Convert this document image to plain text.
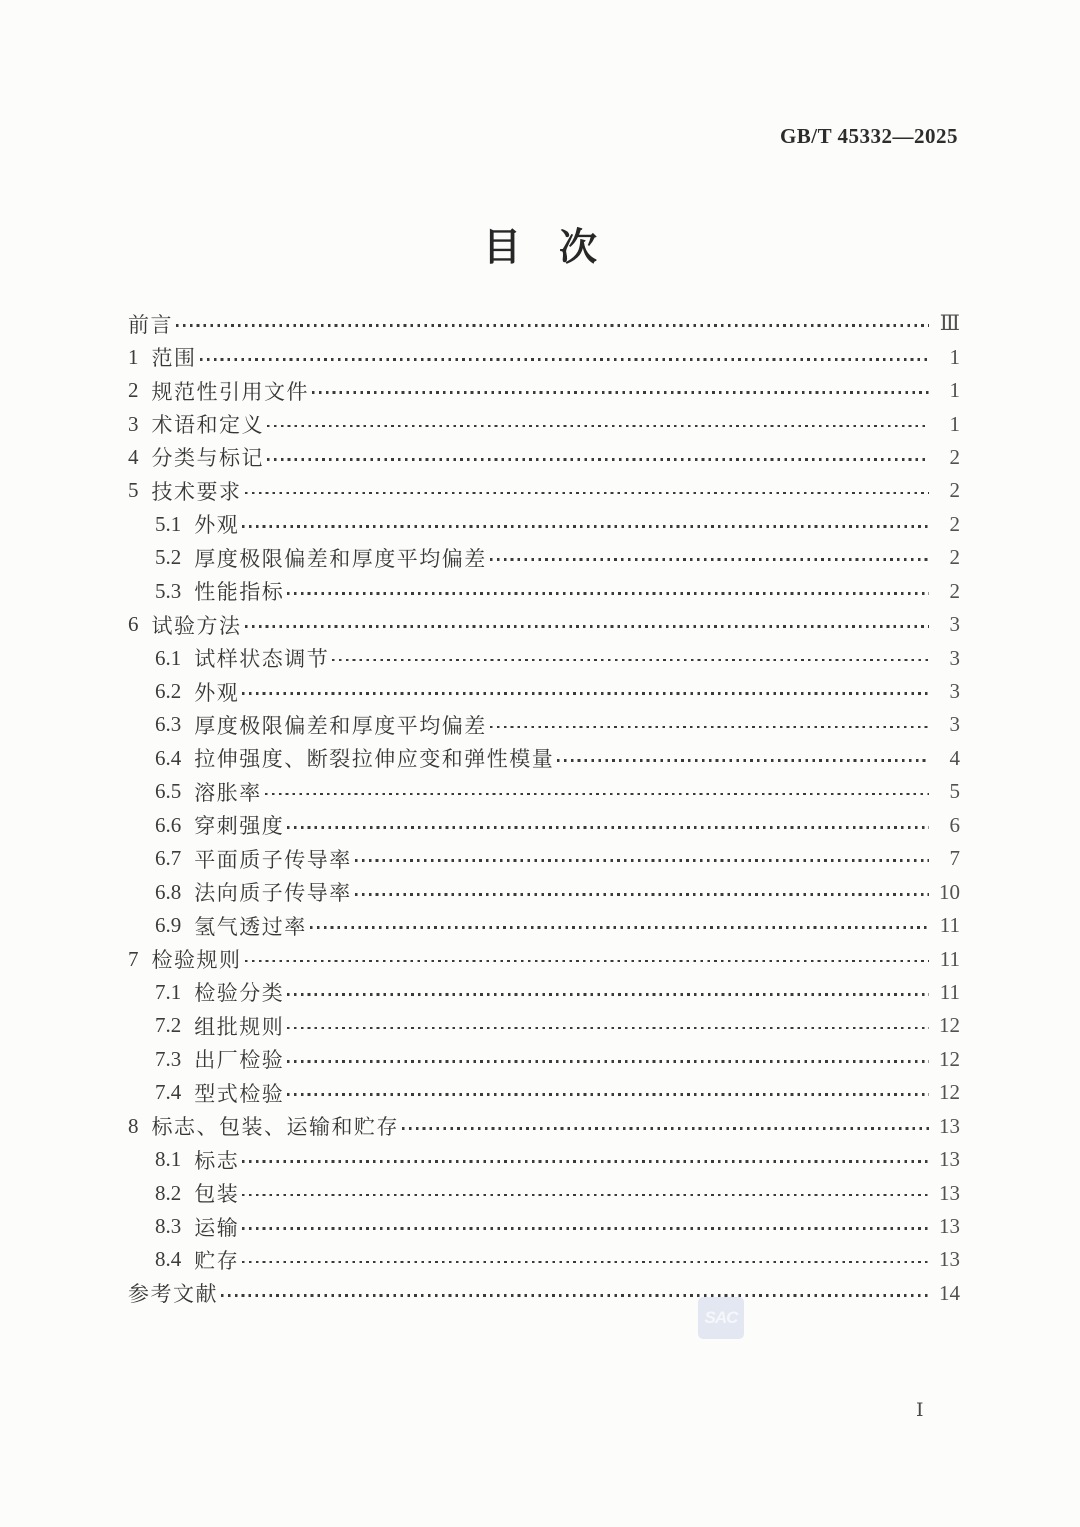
GB/T 45332—2025
目　次
前言	Ⅲ
1 范围	1
2 规范性引用文件	1
3 术语和定义	1
4 分类与标记	2
5 技术要求	2
5.1 外观	2
5.2 厚度极限偏差和厚度平均偏差	2
5.3 性能指标	2
6 试验方法	3
6.1 试样状态调节	3
6.2 外观	3
6.3 厚度极限偏差和厚度平均偏差	3
6.4 拉伸强度、断裂拉伸应变和弹性模量	4
6.5 溶胀率	5
6.6 穿刺强度	6
6.7 平面质子传导率	7
6.8 法向质子传导率	10
6.9 氢气透过率	11
7 检验规则	11
7.1 检验分类	11
7.2 组批规则	12
7.3 出厂检验	12
7.4 型式检验	12
8 标志、包装、运输和贮存	13
8.1 标志	13
8.2 包装	13
8.3 运输	13
8.4 贮存	13
参考文献	14
SAC
Ⅰ
